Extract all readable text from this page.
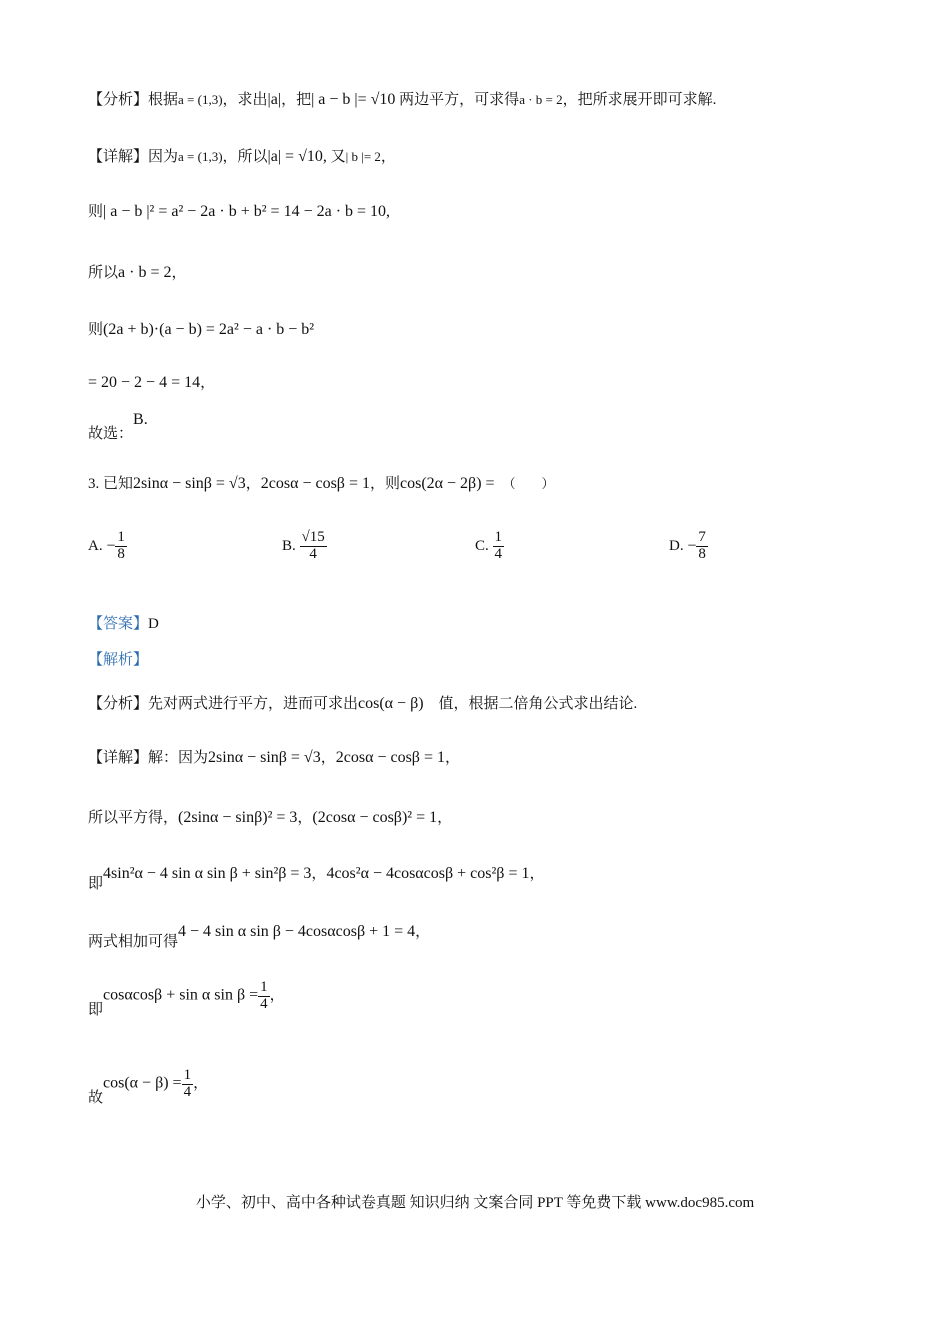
【分析】根据a = (1,3)，求出|a|，把| a − b |= √10 两边平方，可求得a · b = 2，把所求展开即可求解.
【详解】因为a = (1,3)，所以|a| = √10, 又| b |= 2，
则| a − b |² = a² − 2a · b + b² = 14 − 2a · b = 10,
所以a · b = 2，
则(2a + b)·(a − b) = 2a² − a · b − b²
= 20 − 2 − 4 = 14，
故选：B.
3. 已知2sinα − sinβ = √3，2cosα − cosβ = 1，则cos(2α − 2β) = （　　）
A. − $\frac{1}{8}$	B. $\frac{√15}{4}$	C. $\frac{1}{4}$	D. − $\frac{7}{8}$
【答案】D
【解析】
【分析】先对两式进行平方，进而可求出cos(α − β)　值，根据二倍角公式求出结论.
【详解】解：因为2sinα − sinβ = √3，2cosα − cosβ = 1，
所以平方得，(2sinα − sinβ)² = 3，(2cosα − cosβ)² = 1，
即4sin²α − 4 sin α sin β + sin²β = 3，4cos²α − 4cosαcosβ + cos²β = 1，
两式相加可得4 − 4 sin α sin β − 4cosαcosβ + 1 = 4，
即cosαcosβ + sin α $\sin \beta = \frac{1}{4}$ ，
故$\cos(\alpha - \beta) = \frac{1}{4}$ ，
小学、初中、高中各种试卷真题 知识归纳 文案合同 PPT 等免费下载 www.doc985.com
